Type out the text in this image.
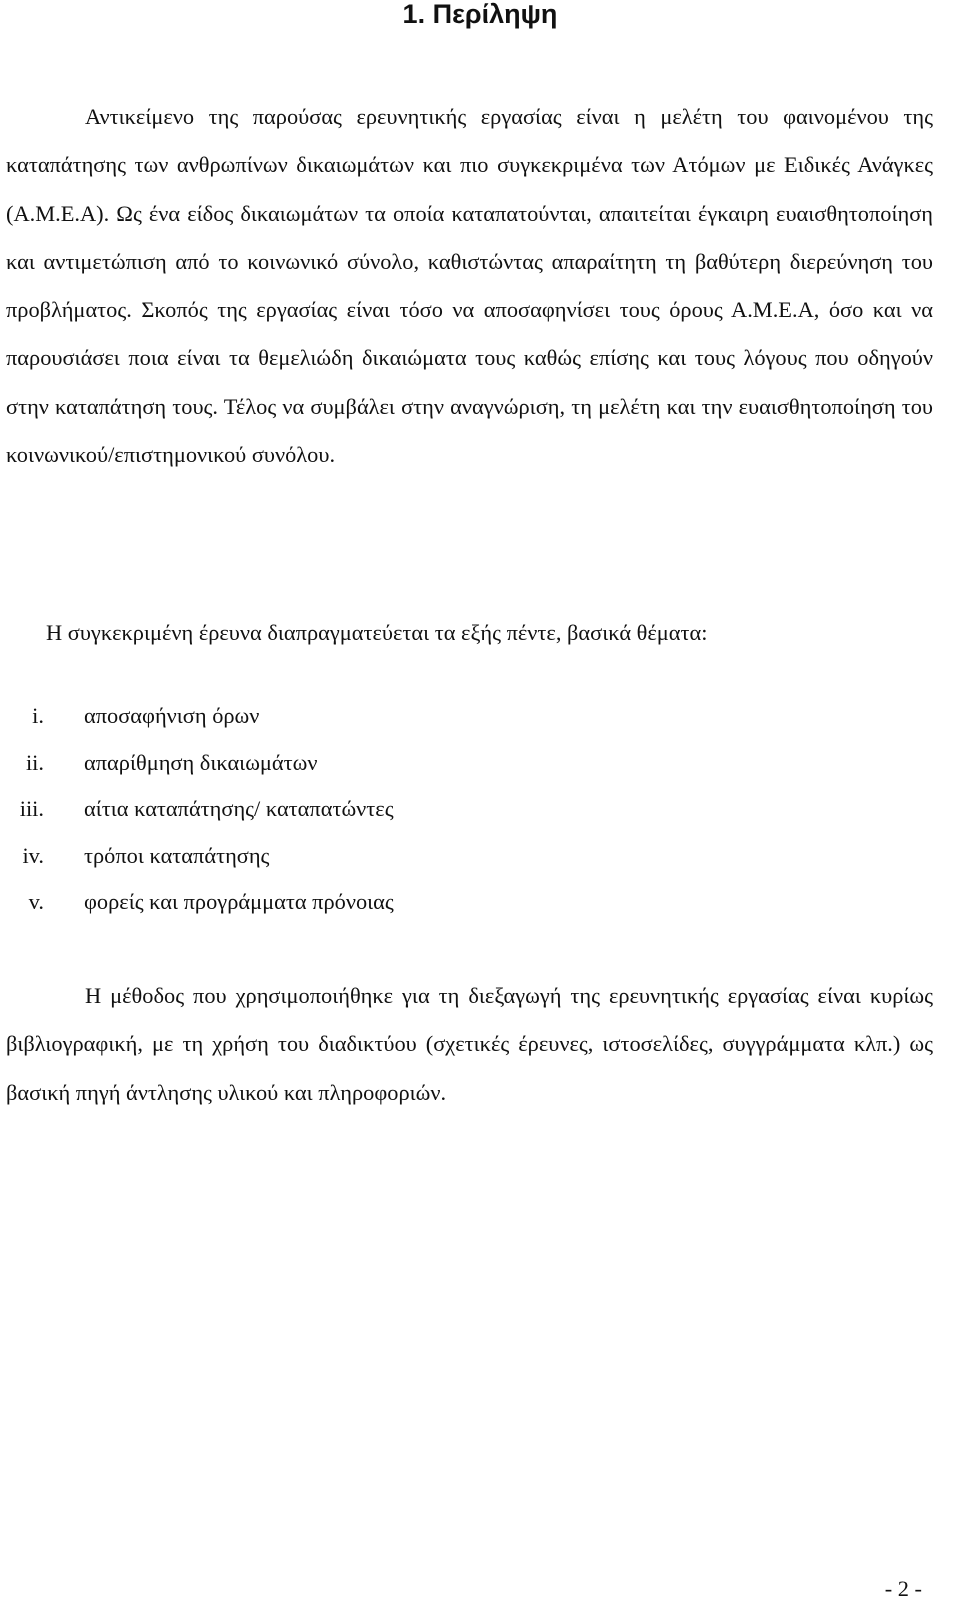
1. Περίληψη

Αντικείμενο της παρούσας ερευνητικής εργασίας είναι η μελέτη του φαινομένου της καταπάτησης των ανθρωπίνων δικαιωμάτων και πιο συγκεκριμένα των Ατόμων με Ειδικές Ανάγκες (Α.Μ.Ε.Α). Ως ένα είδος δικαιωμάτων τα οποία καταπατούνται, απαιτείται έγκαιρη ευαισθητοποίηση και αντιμετώπιση από το κοινωνικό σύνολο, καθιστώντας απαραίτητη τη βαθύτερη διερεύνηση του προβλήματος. Σκοπός της εργασίας είναι τόσο να αποσαφηνίσει τους όρους Α.Μ.Ε.Α, όσο και να παρουσιάσει ποια είναι τα θεμελιώδη δικαιώματα τους καθώς επίσης και τους λόγους που οδηγούν στην καταπάτηση τους. Τέλος να συμβάλει στην αναγνώριση, τη μελέτη και την ευαισθητοποίηση του κοινωνικού/επιστημονικού συνόλου.

Η συγκεκριμένη έρευνα διαπραγματεύεται τα εξής πέντε, βασικά θέματα:

i. αποσαφήνιση όρων
ii. απαρίθμηση δικαιωμάτων
iii. αίτια καταπάτησης/ καταπατώντες
iv. τρόποι καταπάτησης
v. φορείς και προγράμματα πρόνοιας

Η μέθοδος που χρησιμοποιήθηκε για τη διεξαγωγή της ερευνητικής εργασίας είναι κυρίως βιβλιογραφική, με τη χρήση του διαδικτύου (σχετικές έρευνες, ιστοσελίδες, συγγράμματα κλπ.) ως βασική πηγή άντλησης υλικού και πληροφοριών.

- 2 -
